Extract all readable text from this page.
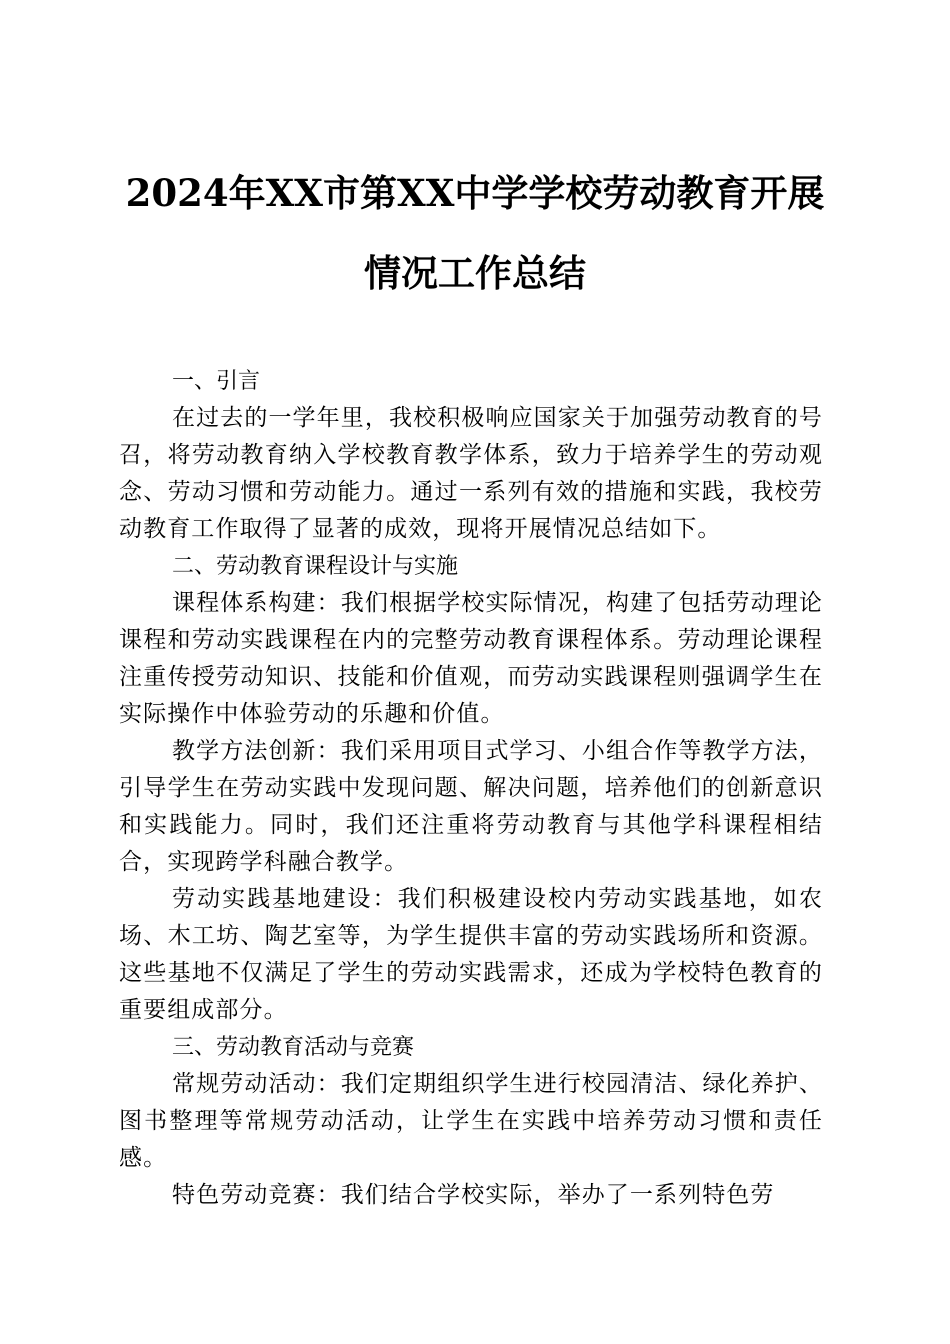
2024年XX市第XX中学学校劳动教育开展情况工作总结
一、引言

在过去的一学年里，我校积极响应国家关于加强劳动教育的号召，将劳动教育纳入学校教育教学体系，致力于培养学生的劳动观念、劳动习惯和劳动能力。通过一系列有效的措施和实践，我校劳动教育工作取得了显著的成效，现将开展情况总结如下。

二、劳动教育课程设计与实施

课程体系构建：我们根据学校实际情况，构建了包括劳动理论课程和劳动实践课程在内的完整劳动教育课程体系。劳动理论课程注重传授劳动知识、技能和价值观，而劳动实践课程则强调学生在实际操作中体验劳动的乐趣和价值。

教学方法创新：我们采用项目式学习、小组合作等教学方法，引导学生在劳动实践中发现问题、解决问题，培养他们的创新意识和实践能力。同时，我们还注重将劳动教育与其他学科课程相结合，实现跨学科融合教学。

劳动实践基地建设：我们积极建设校内劳动实践基地，如农场、木工坊、陶艺室等，为学生提供丰富的劳动实践场所和资源。这些基地不仅满足了学生的劳动实践需求，还成为学校特色教育的重要组成部分。

三、劳动教育活动与竞赛

常规劳动活动：我们定期组织学生进行校园清洁、绿化养护、图书整理等常规劳动活动，让学生在实践中培养劳动习惯和责任感。

特色劳动竞赛：我们结合学校实际，举办了一系列特色劳
